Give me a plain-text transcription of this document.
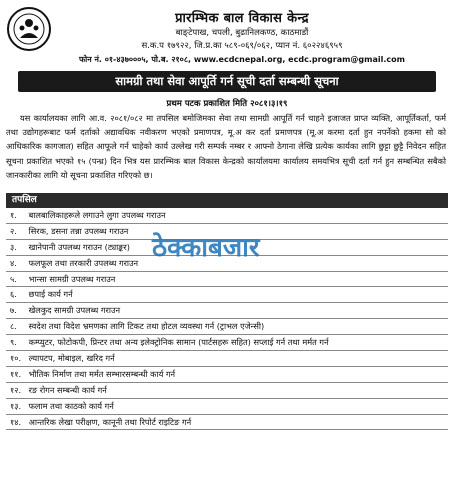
प्रारम्भिक बाल विकास केन्द्र
बाङ्टेपाख, चपली, बुढानिलकण्ठ, काठमाडौं
स.क.प १७९२२, जि.प्र.का ५८९-०६९/०६२, प्यान नं. ६०२२४६९५९
फोन नं. ०१-४३७०००५, पो.ब. २१०८, www.ecdcnepal.org, ecdc.program@gmail.com
सामग्री तथा सेवा आपूर्ति गर्न सूची दर्ता सम्बन्धी सूचना
प्रथम पटक प्रकाशित मिति २०८१।३।१९
यस कार्यालयका लागि आ.व. २०८१/०८२ मा तपसिल बमोजिमका सेवा तथा सामग्री आपूर्ति गर्न चाहने इजाजत प्राप्त व्यक्ति, आपूर्तिकर्ता, फर्म तथा उद्योगहरूबाट फर्म दर्ताको अद्यावधिक नवीकरण भएको प्रमाणपत्र, मू.अ कर दर्ता प्रमाणपत्र (मू.अ करमा दर्ता हुन नपर्नेको हकमा सो को आधिकारिक कागजात) सहित आफूले गर्न चाहेको कार्य उल्लेख गरी सम्पर्क नम्बर र आफ्नो ठेगाना लेखि प्रत्येक कार्यका लागि छुट्टा छुट्टै निवेदन सहित सूचना प्रकाशित भएको १५ (पन्ध्र) दिन भित्र यस प्रारम्भिक बाल विकास केन्द्रको कार्यालयमा कार्यालय समयभित्र सूची दर्ता गर्न हुन सम्बन्धित सबैको जानकारीका लागि यो सूचना प्रकाशित गरिएको छ।
तपसिल
१. बालबालिकाहरूले लगाउने लुगा उपलब्ध गराउन
२. सिरक, डसना तन्ना उपलब्ध गराउन
३. खानेपानी उपलब्ध गराउन (ट्याङ्कर)
४. फलफूल तथा तरकारी उपलब्ध गराउन
५. भान्सा सामग्री उपलब्ध गराउन
६. छपाई कार्य गर्न
७. खेलकुद सामग्री उपलब्ध गराउन
८. स्वदेश तथा विदेश भ्रमणका लागि टिकट तथा होटल व्यवस्था गर्न (ट्राभल एजेन्सी)
९. कम्प्युटर, फोटोकपी, प्रिन्टर तथा अन्य इलेक्ट्रोनिक सामान (पार्टसहरू सहित) सप्लाई गर्न तथा मर्मत गर्न
१०. ल्यापटप, मोबाइल, खरिद गर्न
११. भौतिक निर्माण तथा मर्मत सम्भारसम्बन्धी कार्य गर्न
१२. रङ रोगन सम्बन्धी कार्य गर्न
१३. फलाम तथा काठको कार्य गर्न
१४. आन्तरिक लेखा परीक्षण, कानूनी तथा रिपोर्ट राइटिङ गर्न
ठेक्काबजार
